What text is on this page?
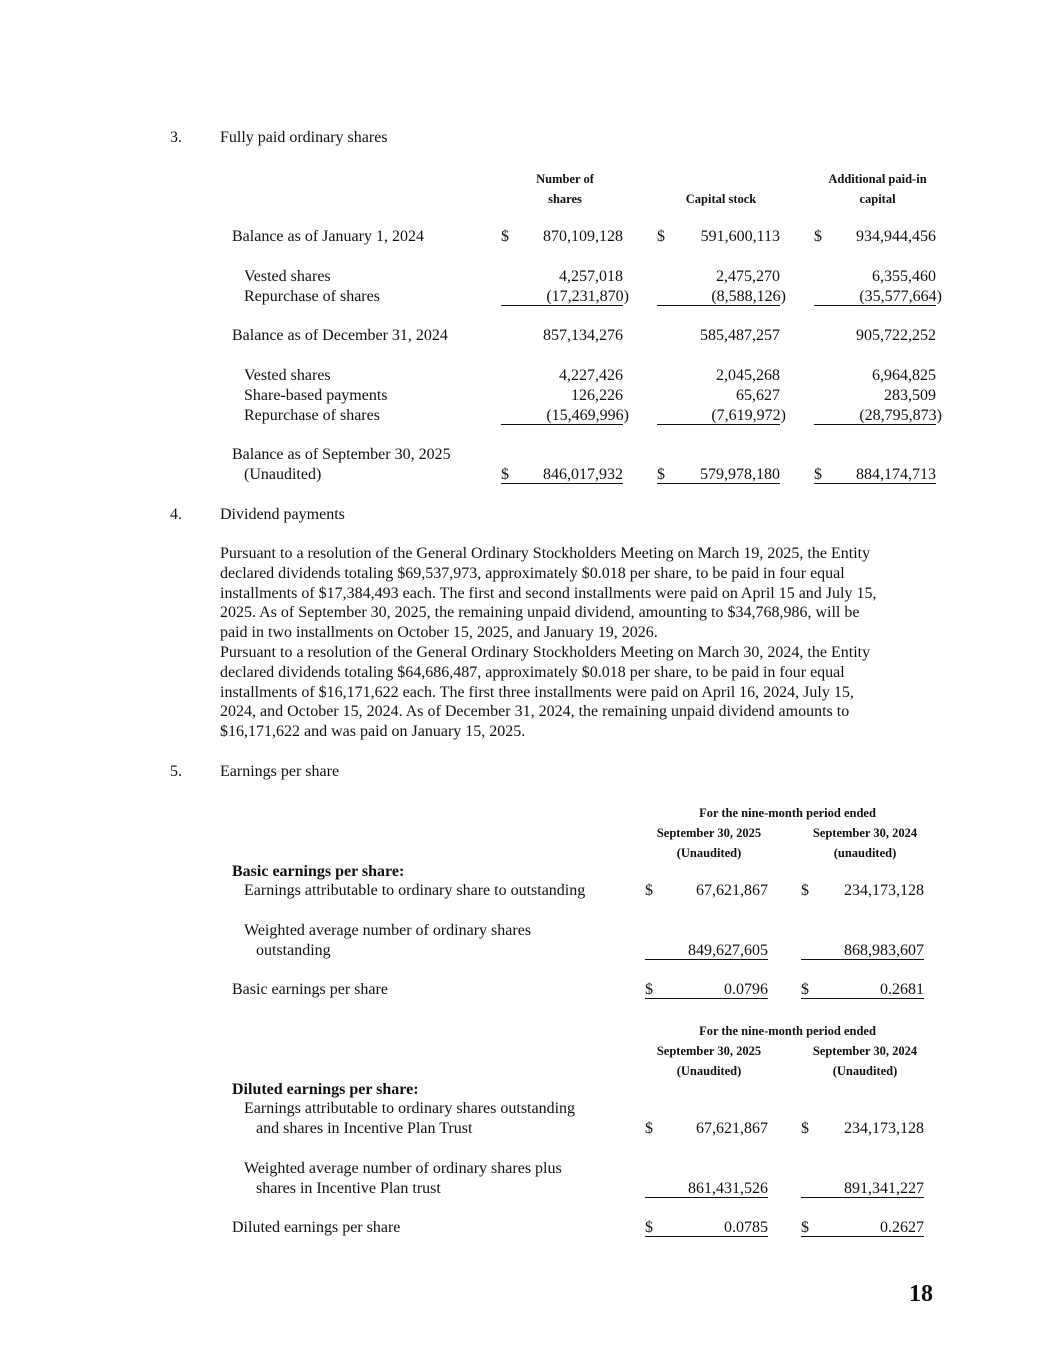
3. Fully paid ordinary shares
Number of
shares	Capital stock
Additional paid-in
capital
Balance as of January 1, 2024	$	870,109,128 $	591,600,113 $	934,944,456
Vested shares	4,257,018	2,475,270	6,355,460
Repurchase of shares	(17,231,870)	(8,588,126)	(35,577,664)
Balance as of December 31, 2024	857,134,276	585,487,257	905,722,252
Vested shares	4,227,426	2,045,268	6,964,825
Share-based payments	126,226	65,627	283,509
Repurchase of shares	(15,469,996)	(7,619,972)	(28,795,873)
Balance as of September 30, 2025
(Unaudited)	$	846,017,932 $	579,978,180 $	884,174,713
4. Dividend payments
Pursuant to a resolution of the General Ordinary Stockholders Meeting on March 19, 2025, the Entity
declared dividends totaling $69,537,973, approximately $0.018 per share, to be paid in four equal
installments of $17,384,493 each. The first and second installments were paid on April 15 and July 15,
2025. As of September 30, 2025, the remaining unpaid dividend, amounting to $34,768,986, will be
paid in two installments on October 15, 2025, and January 19, 2026.
Pursuant to a resolution of the General Ordinary Stockholders Meeting on March 30, 2024, the Entity
declared dividends totaling $64,686,487, approximately $0.018 per share, to be paid in four equal
installments of $16,171,622 each. The first three installments were paid on April 16, 2024, July 15,
2024, and October 15, 2024. As of December 31, 2024, the remaining unpaid dividend amounts to
$16,171,622 and was paid on January 15, 2025.
5. Earnings per share
For the nine-month period ended
September 30, 2025
(Unaudited)
September 30, 2024
(unaudited)
Basic earnings per share:
Earnings attributable to ordinary share to outstanding	$	67,621,867 $	234,173,128
Weighted average number of ordinary shares
outstanding	849,627,605	868,983,607
Basic earnings per share	$	0.0796 $	0.2681
For the nine-month period ended
September 30, 2025
(Unaudited)
September 30, 2024
(Unaudited)
Diluted earnings per share:
Earnings attributable to ordinary shares outstanding
and shares in Incentive Plan Trust	$	67,621,867 $	234,173,128
Weighted average number of ordinary shares plus
shares in Incentive Plan trust	861,431,526	891,341,227
Diluted earnings per share	$	0.0785 $	0.2627
18
